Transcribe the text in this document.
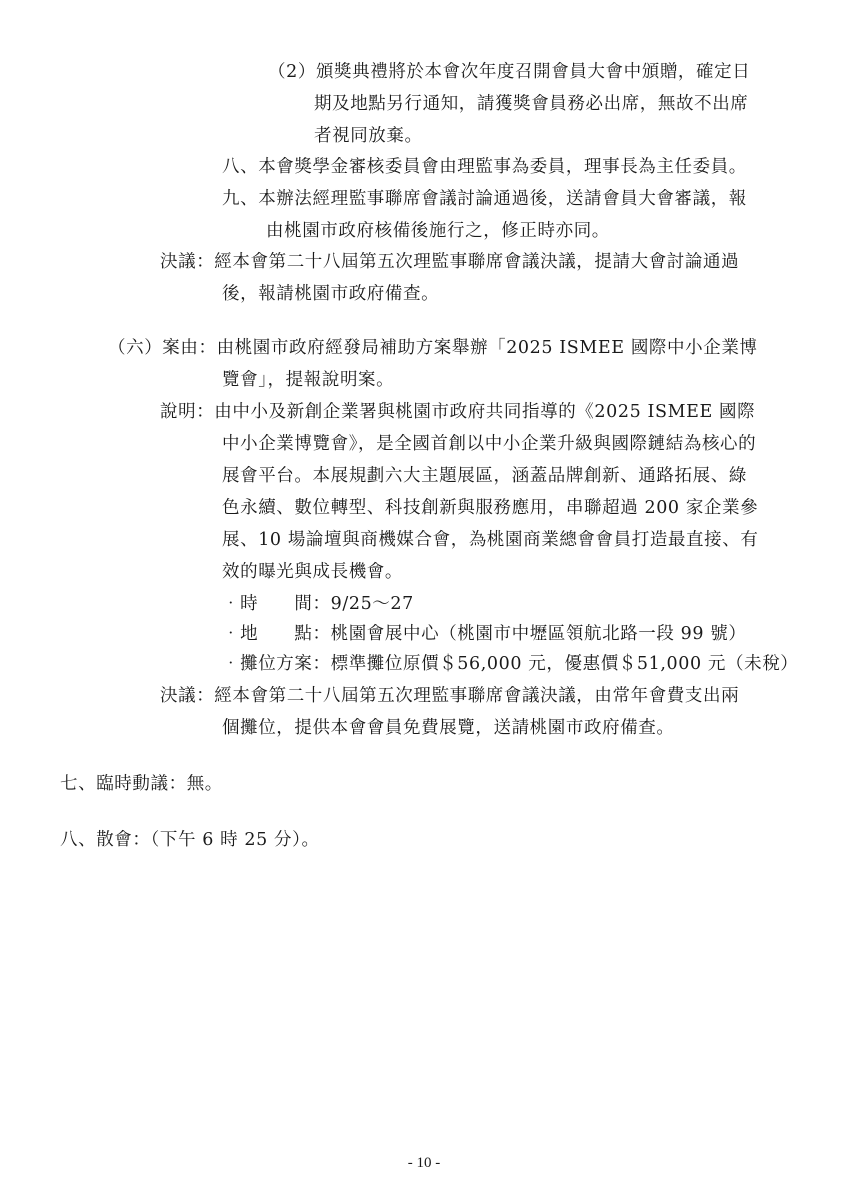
（2）頒獎典禮將於本會次年度召開會員大會中頒贈，確定日
期及地點另行通知，請獲獎會員務必出席，無故不出席
者視同放棄。
八、本會獎學金審核委員會由理監事為委員，理事長為主任委員。
九、本辦法經理監事聯席會議討論通過後，送請會員大會審議，報
由桃園市政府核備後施行之，修正時亦同。
決議：經本會第二十八屆第五次理監事聯席會議決議，提請大會討論通過
後，報請桃園市政府備查。
（六）案由：由桃園市政府經發局補助方案舉辦「2025 ISMEE 國際中小企業博
覽會」，提報說明案。
說明：由中小及新創企業署與桃園市政府共同指導的《2025 ISMEE 國際
中小企業博覽會》，是全國首創以中小企業升級與國際鏈結為核心的
展會平台。本展規劃六大主題展區，涵蓋品牌創新、通路拓展、綠
色永續、數位轉型、科技創新與服務應用，串聯超過 200 家企業參
展、10 場論壇與商機媒合會，為桃園商業總會會員打造最直接、有
效的曝光與成長機會。
‧時　　間：9/25～27
‧地　　點：桃園會展中心（桃園市中壢區領航北路一段 99 號）
‧攤位方案：標準攤位原價＄56,000 元，優惠價＄51,000 元（未稅）
決議：經本會第二十八屆第五次理監事聯席會議決議，由常年會費支出兩
個攤位，提供本會會員免費展覽，送請桃園市政府備查。
七、臨時動議：無。
八、散會：（下午 6 時 25 分）。
- 10 -
